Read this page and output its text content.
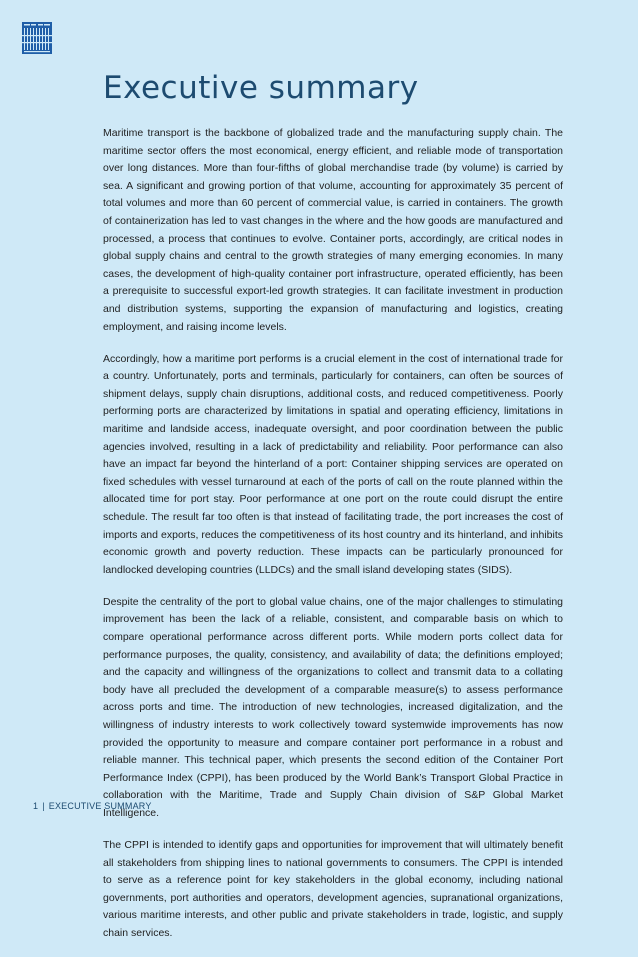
Executive summary

Maritime transport is the backbone of globalized trade and the manufacturing supply chain. The maritime sector offers the most economical, energy efficient, and reliable mode of transportation over long distances. More than four-fifths of global merchandise trade (by volume) is carried by sea. A significant and growing portion of that volume, accounting for approximately 35 percent of total volumes and more than 60 percent of commercial value, is carried in containers. The growth of containerization has led to vast changes in the where and the how goods are manufactured and processed, a process that continues to evolve. Container ports, accordingly, are critical nodes in global supply chains and central to the growth strategies of many emerging economies. In many cases, the development of high-quality container port infrastructure, operated efficiently, has been a prerequisite to successful export-led growth strategies. It can facilitate investment in production and distribution systems, supporting the expansion of manufacturing and logistics, creating employment, and raising income levels.

Accordingly, how a maritime port performs is a crucial element in the cost of international trade for a country. Unfortunately, ports and terminals, particularly for containers, can often be sources of shipment delays, supply chain disruptions, additional costs, and reduced competitiveness. Poorly performing ports are characterized by limitations in spatial and operating efficiency, limitations in maritime and landside access, inadequate oversight, and poor coordination between the public agencies involved, resulting in a lack of predictability and reliability. Poor performance can also have an impact far beyond the hinterland of a port: Container shipping services are operated on fixed schedules with vessel turnaround at each of the ports of call on the route planned within the allocated time for port stay. Poor performance at one port on the route could disrupt the entire schedule. The result far too often is that instead of facilitating trade, the port increases the cost of imports and exports, reduces the competitiveness of its host country and its hinterland, and inhibits economic growth and poverty reduction. These impacts can be particularly pronounced for landlocked developing countries (LLDCs) and the small island developing states (SIDS).

Despite the centrality of the port to global value chains, one of the major challenges to stimulating improvement has been the lack of a reliable, consistent, and comparable basis on which to compare operational performance across different ports. While modern ports collect data for performance purposes, the quality, consistency, and availability of data; the definitions employed; and the capacity and willingness of the organizations to collect and transmit data to a collating body have all precluded the development of a comparable measure(s) to assess performance across ports and time. The introduction of new technologies, increased digitalization, and the willingness of industry interests to work collectively toward systemwide improvements has now provided the opportunity to measure and compare container port performance in a robust and reliable manner. This technical paper, which presents the second edition of the Container Port Performance Index (CPPI), has been produced by the World Bank’s Transport Global Practice in collaboration with the Maritime, Trade and Supply Chain division of S&P Global Market Intelligence.

The CPPI is intended to identify gaps and opportunities for improvement that will ultimately benefit all stakeholders from shipping lines to national governments to consumers. The CPPI is intended to serve as a reference point for key stakeholders in the global economy, including national governments, port authorities and operators, development agencies, supranational organizations, various maritime interests, and other public and private stakeholders in trade, logistic, and supply chain services.

1 | EXECUTIVE SUMMARY
